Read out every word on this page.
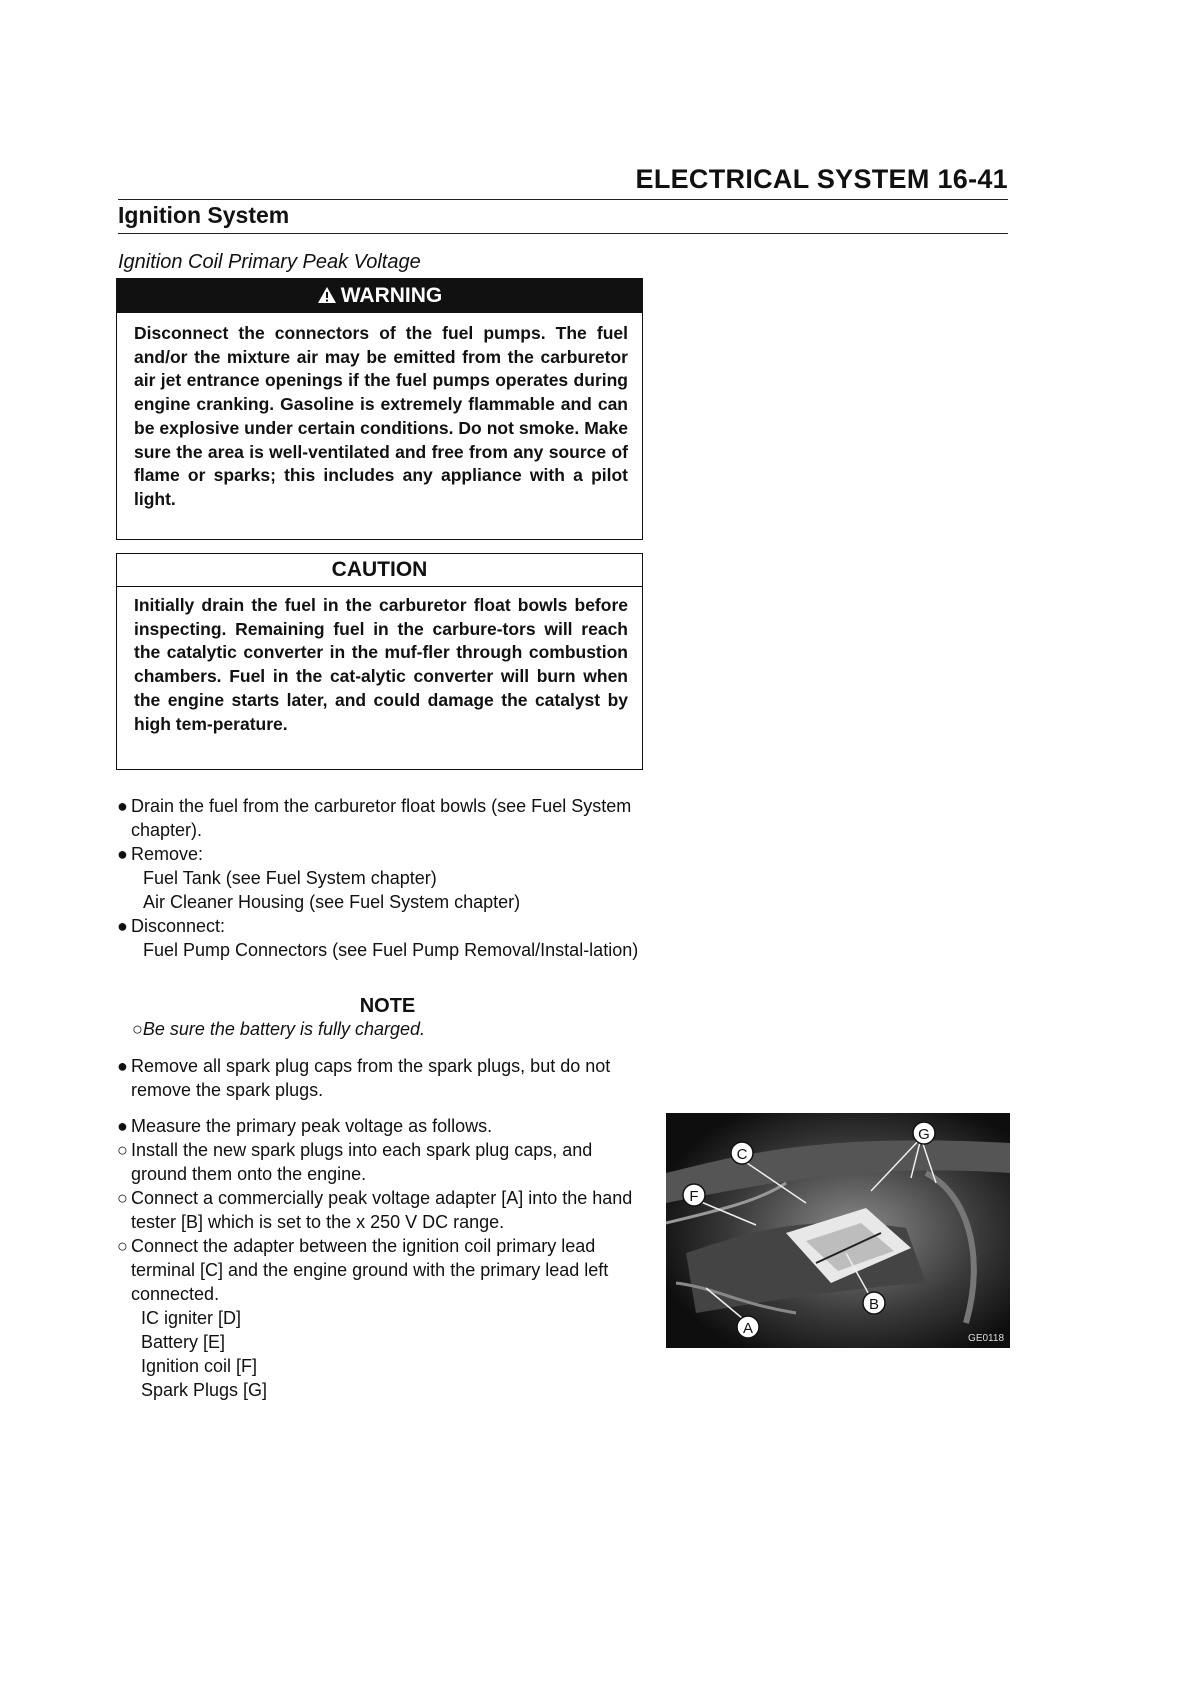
ELECTRICAL SYSTEM 16-41
Ignition System
Ignition Coil Primary Peak Voltage
WARNING
Disconnect the connectors of the fuel pumps. The fuel and/or the mixture air may be emitted from the carburetor air jet entrance openings if the fuel pumps operates during engine cranking. Gasoline is extremely flammable and can be explosive under certain conditions. Do not smoke. Make sure the area is well-ventilated and free from any source of flame or sparks; this includes any appliance with a pilot light.
CAUTION
Initially drain the fuel in the carburetor float bowls before inspecting. Remaining fuel in the carbure-tors will reach the catalytic converter in the muf-fler through combustion chambers. Fuel in the cat-alytic converter will burn when the engine starts later, and could damage the catalyst by high tem-perature.
● Drain the fuel from the carburetor float bowls (see Fuel System chapter).
● Remove:
Fuel Tank (see Fuel System chapter)
Air Cleaner Housing (see Fuel System chapter)
● Disconnect:
Fuel Pump Connectors (see Fuel Pump Removal/Instal-lation)
NOTE
○Be sure the battery is fully charged.
● Remove all spark plug caps from the spark plugs, but do not remove the spark plugs.
● Measure the primary peak voltage as follows.
○ Install the new spark plugs into each spark plug caps, and ground them onto the engine.
○ Connect a commercially peak voltage adapter [A] into the hand tester [B] which is set to the x 250 V DC range.
○ Connect the adapter between the ignition coil primary lead terminal [C] and the engine ground with the primary lead left connected.
IC igniter [D]
Battery [E]
Ignition coil [F]
Spark Plugs [G]
C
F
G
B
A
GE0118
